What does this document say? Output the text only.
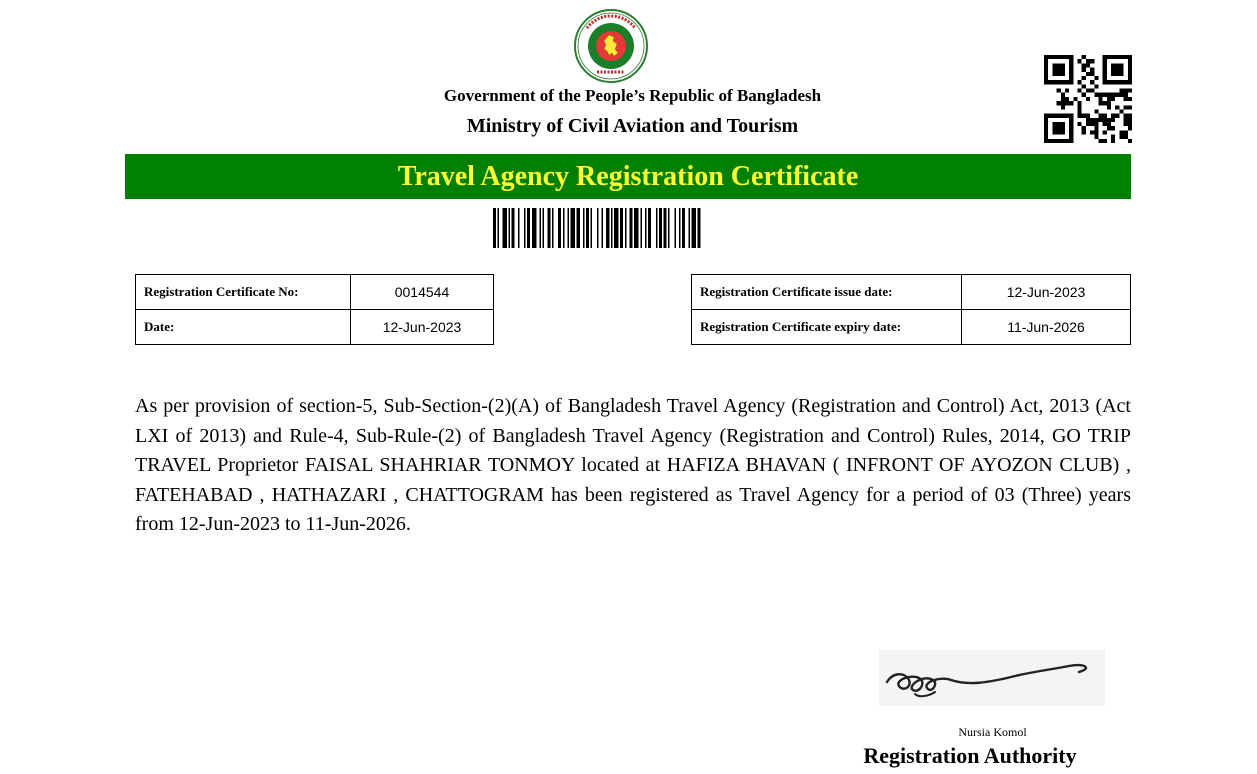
Government of the People’s Republic of Bangladesh
Ministry of Civil Aviation and Tourism
Travel Agency Registration Certificate
Registration Certificate No:	0014544
Date:	12-Jun-2023
Registration Certificate issue date:	12-Jun-2023
Registration Certificate expiry date:	11-Jun-2026

As per provision of section-5, Sub-Section-(2)(A) of Bangladesh Travel Agency (Registration and Control) Act, 2013 (Act LXI of 2013) and Rule-4, Sub-Rule-(2) of Bangladesh Travel Agency (Registration and Control) Rules, 2014, GO TRIP TRAVEL Proprietor FAISAL SHAHRIAR TONMOY located at HAFIZA BHAVAN ( INFRONT OF AYOZON CLUB) , FATEHABAD , HATHAZARI , CHATTOGRAM has been registered as Travel Agency for a period of 03 (Three) years from 12-Jun-2023 to 11-Jun-2026.

Nursia Komol
Registration Authority
